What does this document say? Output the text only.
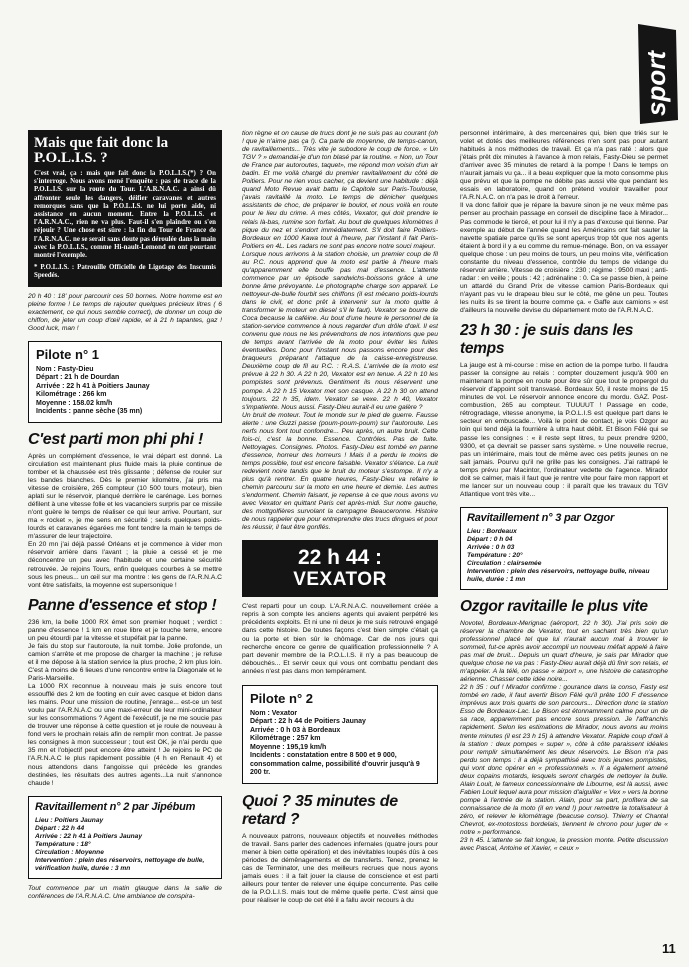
sport
Mais que fait donc la P.O.L.I.S. ?
C'est vrai, ça : mais que fait donc la P.O.L.I.S.(*) ? On s'interroge. Nous avons mené l'enquête : pas de trace de la P.O.L.I.S. sur la route du Tour. L'A.R.N.A.C. a ainsi dû affronter seule les dangers, déifier caravanes et autres remorques sans que la P.O.L.I.S. ne lui porte aide, ni assistance en aucun moment. Entre la P.O.L.I.S. et l'A.R.N.A.C., rien ne va plus. Faut-il s'en plaindre ou s'en réjouir ? Une chose est sûre : la fin du Tour de France de l'A.R.N.A.C. ne se serait sans doute pas déroulée dans la main avec la P.O.L.I.S., comme Hi-nault-Lemond en ont pourtant montré l'exemple.
* P.O.L.I.S. : Patrouille Officielle de Ligotage des Inscumis Speedés.
20 h 40 : 18' pour parcourir ces 50 bornes. Notre homme est en pleine forme ! Le temps de rajouter quelques précieux litres ( 6 exactement, ce qui nous semble correct), de donner un coup de chiffon, de jeter un coup d'œil rapide, et à 21 h tapantes, gaz ! Good luck, man !
Pilote n° 1
Nom : Fasty-Dieu
Départ : 21 h de Dourdan
Arrivée : 22 h 41 à Poitiers Jaunay
Kilométrage : 266 km
Moyenne : 158.02 km/h
Incidents : panne sèche (35 mn)
C'est parti mon phi phi !
Après un complément d'essence, le vrai départ est donné. La circulation est maintenant plus fluide mais la pluie continue de tomber et la chaussée est très glissante ; défense de rouler sur les bandes blanches. Dès le premier kilomètre, j'ai pris ma vitesse de croisière, 265 compteur (10 500 tours moteur), bien aplati sur le réservoir, planqué derrière le carénage. Les bornes défilent à une vitesse folle et les vacanciers surpris par ce missile n'ont guère le temps de réaliser ce qui leur arrive. Pourtant, sur ma « rocket », je me sens en sécurité ; seuls quelques poids-lourds et caravanes égarées me font tendre la main le temps de m'assurer de leur trajectoire.
En 20 mn j'ai déjà passé Orléans et je commence à vider mon réservoir arrière dans l'avant ; la pluie a cessé et je me déconcentre un peu avec l'habitude et une certaine sécurité retrouvée. Je rejoins Tours, enfin quelques courbes à se mettre sous les pneus... un œil sur ma montre : les gens de l'A.R.N.A.C vont être satisfaits, la moyenne est supersonique !
Panne d'essence et stop !
236 km, la belle 1000 RX émet son premier hoquet ; verdict : panne d'essence ! 1 km en roue libre et je touche terre, encore un peu étourdi par la vitesse et stupéfait par la panne.
Je fais du stop sur l'autoroute, la nuit tombe. Jolie profonde, un camion s'arrête et me propose de charger la machine ; je refuse et il me dépose à la station service la plus proche, 2 km plus loin. C'est à moins de 6 lieues d'une rencontre entre la Diagonale et le Paris-Marseille.
La 1000 RX reconnue à nouveau mais je suis encore tout essoufflé des 2 km de footing en cuir avec casque et bidon dans les mains. Pour une mission de routine, j'enrage... est-ce un test voulu par l'A.R.N.A.C ou une maxi-erreur de leur mini-ordinateur sur les consommations ? Agent de l'exécutif, je ne me soucie pas de trouver une réponse à cette question et je roule de nouveau à fond vers le prochain relais afin de remplir mon contrat. Je passe les consignes à mon successeur ; tout est OK, je n'ai perdu que 35 mn et l'objectif peut encore être atteint ! Je rejoins le PC de l'A.R.N.A.C le plus rapidement possible (4 h en Renault 4) et nous attendons dans l'angoisse qui précède les grandes destinées, les résultats des autres agents...La nuit s'annonce chaude !
Ravitaillement n° 2 par Jipébum
Lieu : Poitiers Jaunay
Départ : 22 h 44
Arrivée : 22 h 41 à Poitiers Jaunay
Température : 18°
Circulation : Moyenne
Intervention : plein des réservoirs, nettoyage de bulle, vérification huile, durée : 3 mn
Tout commence par un matin glauque dans la salle de conférences de l'A.R.N.A.C. Une ambiance de conspira-
tion règne et on cause de trucs dont je ne suis pas au courant (oh ! que je n'aime pas ça !). Ca parle de moyenne, de temps-canon, de ravitaillements... Très vite je subodore le coup de force. « Un TGV ? » demandai-je d'un ton blasé par la routine. « Non, un Tour de France par autoroutes, taquet», me répond mon voisin d'un air badin. Et me voilà chargé du premier ravitaillement du côté de Poitiers. Pour ne rien vous cacher, ça devient une habitude : déjà quand Moto Revue avait battu le Capitole sur Paris-Toulouse, j'avais ravitaillé la moto. Le temps de dénicher quelques assistants de choc, de préparer le boulot, et nous voilà en route pour le lieu du crime. A mes côtés, Vexator, qui doit prendre le relais là-bas, rumine son forfait. Au bout de quelques kilomètres il pique du nez et s'endort immédiatement. S'il doit faire Poitiers-Bordeaux en 1000 Kawa tout à l'heure, par l'instant il fait Paris-Poitiers en 4L. Les radars ne sont pas encore notre souci majeur.
Lorsque nous arrivons à la station choisie, un premier coup de fil au P.C. nous apprend que la moto est partie à l'heure mais qu'apparemment elle bouffe pas mal d'essence. L'attente commence par un épisode sandwichs-boissons grâce à une bonne âme prévoyante. Le photographe charge son appareil. Le nettoyeur-de-bulle fourbit ses chiffons (il est mécano poids-lourds dans le civil, et donc prêt à intervenir sur la moto quitte à transformer le moteur en diesel s'il le faut). Vexator se bourre de Coca because la caféine. Au bout d'une heure le personnel de la station-service commence à nous regarder d'un drôle d'œil. Il est convenu que nous ne les prévendrons de nos intentions que peu de temps avant l'arrivée de la moto pour éviter les fuites éventuelles. Donc pour l'instant nous passons encore pour des braqueurs préparant l'attaque de la caisse-enregistreuse. Deuxième coup de fil au P.C. : R.A.S. L'arrivée de la moto est prévue à 22 h 30. A 22 h 20, Vexator est en tenue. A 22 h 10 les pompistes sont prévenus. Gentiment ils nous réservent une pompe. A 22 h 15 Vexator met son casque. A 22 h 30 on attend toujours. 22 h 35, idem. Vexator se vexe. 22 h 40, Vexator s'impatiente. Nous aussi. Fasty-Dieu aurait-il eu une galère ?
Un bruit de moteur. Tout le monde sur le pied de guerre. Fausse alerte : une Guzzi passe (poum-poum-poum) sur l'autoroute. Les nerfs nous font tout confondre... Peu après, un autre bruit. Cette fois-ci, c'est la bonne. Essence. Contrôles. Pas de fuite. Nettoyages. Consignes. Photos. Fasty-Dieu est tombé en panne d'essence, horreur des horreurs ! Mais il a perdu le moins de temps possible, tout est encore faisable. Vexator s'élance. La nuit redevient noire tandis que le bruit du moteur s'estompe. Il n'y a plus qu'à rentrer. En quatre heures, Fasty-Dieu va refaire le chemin parcouru sur la moto en une heure et demie. Les autres s'endorment. Chemin faisant, je repense à ce que nous avons vu avec Vexator en quittant Paris cet après-midi. Sur notre gauche, des mottgolfières survolant la campagne Beauceronne. Histoire de nous rappeler que pour entreprendre des trucs dingues et pour les réussir, il faut être gonflés.
22 h 44 :
VEXATOR
C'est reparti pour un coup. L'A.R.N.A.C. nouvellement créée a repris à son compte les anciens agents qui avaient perpétré les précédents exploits. Et ni une ni deux je me suis retrouvé engagé dans cette histoire. De toutes façons c'est bien simple c'était ça ou la porte et bien sûr le chômage. Car de nos jours qui recherche encore ce genre de qualification professionnelle ? A part devenir membre de la P.O.L.I.S. il n'y a pas beaucoup de débouchés... Et servir ceux qui vous ont combattu pendant des années n'est pas dans mon tempérament.
Pilote n° 2
Nom : Vexator
Départ : 22 h 44 de Poitiers Jaunay
Arrivée : 0 h 03 à Bordeaux
Kilométrage : 257 km
Moyenne : 195,19 km/h
Incidents : constatation entre 8 500 et 9 000, consommation calme, possibilité d'ouvrir jusqu'à 9 200 tr.
Quoi ? 35 minutes de retard ?
A nouveaux patrons, nouveaux objectifs et nouvelles méthodes de travail. Sans parler des cadences infernales (quatre jours pour mener à bien cette opération) et des inévitables loupés dûs à ces périodes de démênagements et de transferts. Tenez, prenez le cas de Terminator, une des meilleurs recrues que nous ayons jamais eues : il a fait jouer la clause de conscience et est parti ailleurs pour tenter de relever une équipe concurrente. Pas celle de la P.O.L.I.S. mais tout de même quelle perte. C'est ainsi que pour réaliser le coup de cet été il a fallu avoir recours à du
personnel intérimaire, à des mercenaires qui, bien que triés sur le volet et dotés des meilleures références n'en sont pas pour autant habitués à nos méthodes de travail. Et ça n'a pas raté : alors que j'étais prêt dix minutes à l'avance à mon relais, Fasty-Dieu se permet d'arriver avec 35 minutes de retard à la pompe ! Dans le temps on n'aurait jamais vu ça... il a beau expliquer que la moto consomme plus que prévu et que la pompe ne débite pas aussi vite que pendant les essais en laboratoire, quand on prétend vouloir travailler pour l'A.R.N.A.C. on n'a pas le droit à l'erreur.
Il va donc falloir que je répare la bavure sinon je ne veux même pas penser au prochain passage en conseil de discipline face à Mirador... Pas commode le tiercé, et pour lui il n'y a pas d'excuse qui tienne. Par exemple au début de l'année quand les Américains ont fait sauter la navette spatiale parce qu'ils se sont aperçus trop tôt que nos agents étaient à bord il y a eu comme du remue-ménage. Bon, on va essayer quelque chose : un peu moins de tours, un peu moins vite, vérification constante du niveau d'essence, contrôle du temps de vidange du réservoir arrière. Vitesse de croisière : 230 ; régime : 9500 maxi ; anti-radar : en veille ; pouls : 42 ; adrénaline : 0. Ca se passe bien, à peine un attardé du Grand Prix de vitesse camion Paris-Bordeaux qui n'ayant pas vu le drapeau bleu sur le côté, me gêne un peu. Toutes les nuits ils se tirent la bourre comme ça. « Gaffe aux camions » est d'ailleurs la nouvelle devise du département moto de l'A.R.N.A.C.
23 h 30 : je suis dans les temps
La jauge est à mi-course : mise en action de la pompe turbo. Il faudra passer la consigne au relais : compter douzement jusqu'à 900 en maintenant la pompe en route pour être sûr que tout le propergol du réservoir d'appoint soit transvasé. Bordeaux 50, il reste moins de 15 minutes de vol. Le réservoir annonce encore du mordu. GAZ. Post-combustion, 265 au compteur. TUUUUT ! Passage en code, rétrogradage, vitesse anonyme, la P.O.L.I.S est quelque part dans le secteur en embuscade... Voilà le point de contact, je vois Ozgor au loin qui tend déjà la fourrière à ultra haut débit. Et Bison Fêlé qui se passe les consignes : « il reste sept litres, tu peux prendre 9200, 9300, et ça devrait se passer sans système. » Une nouvelle recrue, pas un intérimaire, mais tout de même avec ces petits jeunes on ne sait jamais. Pourvu qu'il ne grille pas les consignes. J'ai rattrapé le temps prévu par Macintor, l'ordinateur vedette de l'agence. Mirador doit se calmer, mais il faut que je rentre vite pour faire mon rapport et me lancer sur un nouveau coup : il paraît que les travaux du TGV Atlantique vont très vite...
Ravitaillement n° 3 par Ozgor
Lieu : Bordeaux
Départ : 0 h 04
Arrivée : 0 h 03
Température : 20°
Circulation : clairsemée
Intervention : plein des réservoirs, nettoyage bulle, niveau huile, durée : 1 mn
Ozgor ravitaille le plus vite
Novotel, Bordeaux-Merignac (aéroport, 22 h 30). J'ai pris soin de réserver la chambre de Vexator, tout en sachant très bien qu'un professionnel placé tel que lui n'aurait aucun mal à trouver le sommeil, fut-ce après avoir accompli un nouveau méfait appelé à faire pas mal de bruit... Depuis un quart d'heure, je sais par Mirador que quelque chose ne va pas : Fasty-Dieu aurait déjà dû finir son relais, et m'appeler. A la télé, on passe « airport », une histoire de catastrophe aérienne. Chasser cette idée noire...
22 h 35 : ouf ! Mirador confirme : gourance dans la conso, Fasty est tombé en rade, il faut avertir Bison Fêlé qu'il prête 100 F d'essence imprévus aux trois quarts de son parcours... Direction donc la station Esso de Bordeaux-Lac. Le Bison est étonnamment calme pour un de sa race, apparemment pas encore sous pression. Je l'affranchis rapidement. Selon les estimations de Mirador, nous avons au moins trente minutes (il est 23 h 15) à attendre Vexator. Rapide coup d'œil à la station : deux pompes « super », côte à côte paraissent idéales pour remplir simultanément les deux réservoirs. Le Bison n'a pas perdu son temps : il a déjà sympathisé avec trois jeunes pompistes, qui vont donc opérer en « professionnels ». Il a également amené deux copains motards, lesquels seront chargés de nettoyer la bulle. Alain Louit, le fameux concessionnaire de Libourne, est là aussi, avec Fabien Louit lequel aura pour mission d'aiguiller « Vex » vers la bonne pompe à l'entrée de la station. Alain, pour sa part, profitera de sa connaissance de la moto (il en vend !) pour remettre la totalisateur à zéro, et relever le kilométrage (beacuse conso). Thierry et Chantal Chevrot, ex-motostoss bordelais, tiennent le chrono pour juger de « notre » performance.
23 h 45. L'attente se fait longue, la pression monte. Petite discussion avec Pascal, Antoine et Xavier, « ceux »
11
